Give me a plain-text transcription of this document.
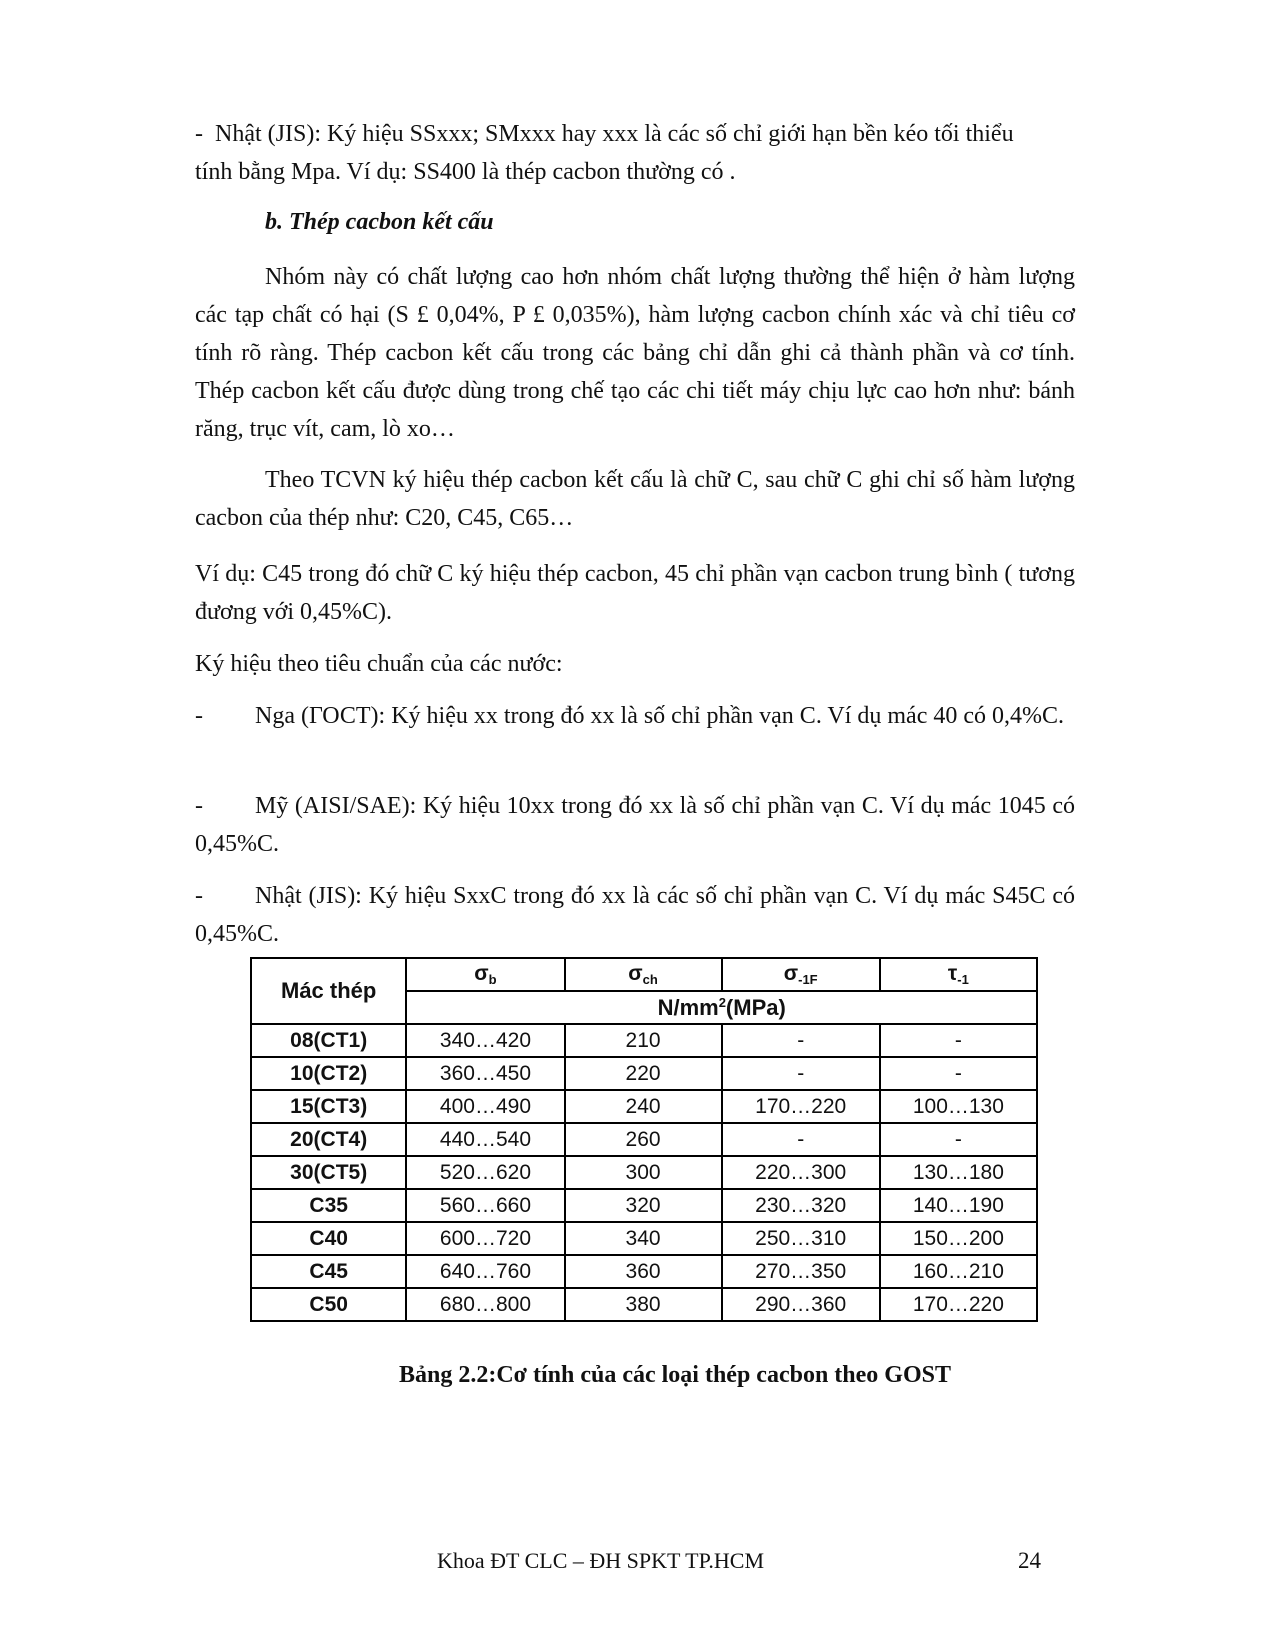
- Nhật (JIS): Ký hiệu SSxxx; SMxxx hay xxx là các số chỉ giới hạn bền kéo tối thiểu
tính bằng Mpa. Ví dụ: SS400 là thép cacbon thường có .
b. Thép cacbon kết cấu
Nhóm này có chất lượng cao hơn nhóm chất lượng thường thể hiện ở hàm lượng các tạp chất có hại (S £ 0,04%, P £ 0,035%), hàm lượng cacbon chính xác và chỉ tiêu cơ tính rõ ràng. Thép cacbon kết cấu trong các bảng chỉ dẫn ghi cả thành phần và cơ tính. Thép cacbon kết cấu được dùng trong chế tạo các chi tiết máy chịu lực cao hơn như: bánh răng, trục vít, cam, lò xo…
Theo TCVN ký hiệu thép cacbon kết cấu là chữ C, sau chữ C ghi chỉ số hàm lượng cacbon của thép như: C20, C45, C65…
Ví dụ: C45 trong đó chữ C ký hiệu thép cacbon, 45 chỉ phần vạn cacbon trung bình ( tương đương với 0,45%C).
Ký hiệu theo tiêu chuẩn của các nước:
-	Nga (ГОСТ): Ký hiệu xx trong đó xx là số chỉ phần vạn C. Ví dụ mác 40 có 0,4%C.
-	Mỹ (AISI/SAE): Ký hiệu 10xx trong đó xx là số chỉ phần vạn C. Ví dụ mác 1045 có 0,45%C.
-	Nhật (JIS): Ký hiệu SxxC trong đó xx là các số chỉ phần vạn C. Ví dụ mác S45C có 0,45%C.
Mác thép	$\sigma_b$	$\sigma_{ch}$	$\sigma_{-1F}$	$\tau_{-1}$
	$N/mm^2(MPa)$			
08(CT1)	340…420	210	-	-
10(CT2)	360…450	220	-	-
15(CT3)	400…490	240	170…220	100…130
20(CT4)	440…540	260	-	-
30(CT5)	520…620	300	220…300	130…180
C35	560…660	320	230…320	140…190
C40	600…720	340	250…310	150…200
C45	640…760	360	270…350	160…210
C50	680…800	380	290…360	170…220
Bảng 2.2:Cơ tính của các loại thép cacbon theo GOST
Khoa ĐT CLC – ĐH SPKT TP.HCM	24
